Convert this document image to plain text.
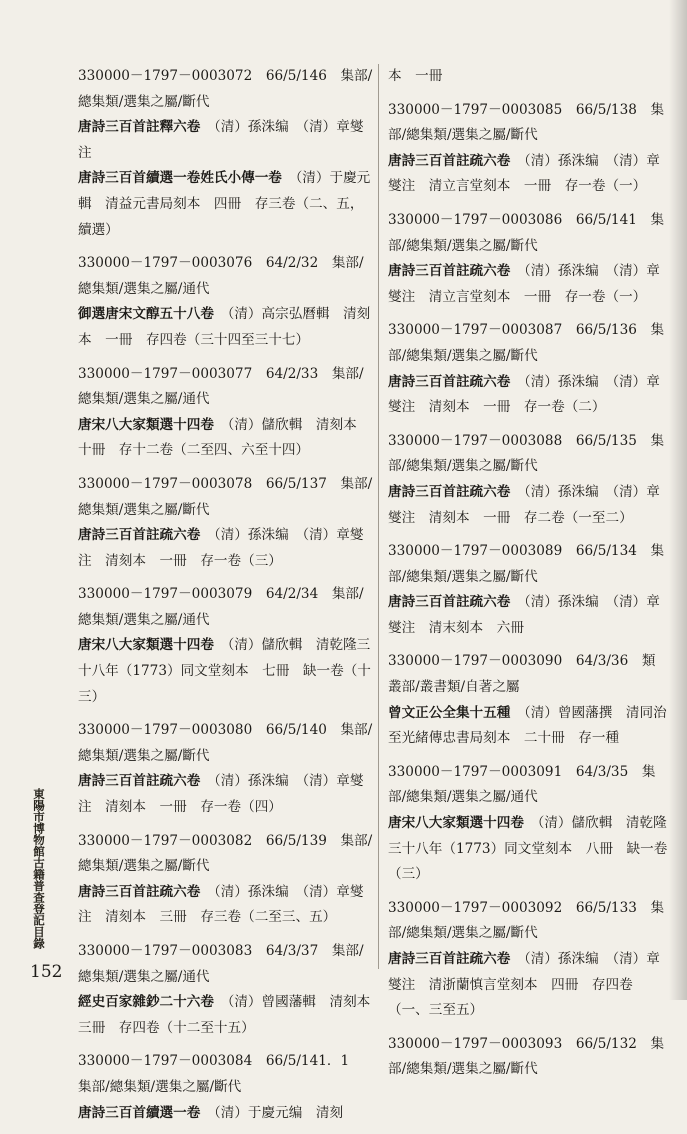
330000－1797－0003072　 66/5/146　 集部/總集類/選集之屬/斷代
唐詩三百首註釋六卷　 （清）孫洙编　（清）章燮注
唐詩三百首續選一卷姓氏小傳一卷　 （清）于慶元輯　清益元書局刻本　四冊　存三卷（二、五，續選）
330000－1797－0003076　 64/2/32　 集部/總集類/選集之屬/通代
御選唐宋文醇五十八卷　 （清）高宗弘曆輯　清刻本　一冊　存四卷（三十四至三十七）
330000－1797－0003077　 64/2/33　 集部/總集類/選集之屬/通代
唐宋八大家類選十四卷　 （清）儲欣輯　清刻本　十冊　存十二卷（二至四、六至十四）
330000－1797－0003078　 66/5/137　 集部/總集類/選集之屬/斷代
唐詩三百首註疏六卷　 （清）孫洙编　（清）章燮注　清刻本　一冊　存一卷（三）
330000－1797－0003079　 64/2/34　 集部/總集類/選集之屬/通代
唐宋八大家類選十四卷　 （清）儲欣輯　清乾隆三十八年（1773）同文堂刻本　七冊　缺一卷（十三）
330000－1797－0003080　 66/5/140　 集部/總集類/選集之屬/斷代
唐詩三百首註疏六卷　 （清）孫洙编　（清）章燮注　清刻本　一冊　存一卷（四）
330000－1797－0003082　 66/5/139　 集部/總集類/選集之屬/斷代
唐詩三百首註疏六卷　 （清）孫洙编　（清）章燮注　清刻本　三冊　存三卷（二至三、五）
330000－1797－0003083　 64/3/37　 集部/總集類/選集之屬/通代
經史百家雜鈔二十六卷　 （清）曾國藩輯　清刻本　三冊　存四卷（十二至十五）
330000－1797－0003084　 66/5/141．1　集部/總集類/選集之屬/斷代
唐詩三百首續選一卷　 （清）于慶元编　清刻
本　一冊
330000－1797－0003085　 66/5/138　 集部/總集類/選集之屬/斷代
唐詩三百首註疏六卷　 （清）孫洙编　（清）章燮注　清立言堂刻本　一冊　存一卷（一）
330000－1797－0003086　 66/5/141　 集部/總集類/選集之屬/斷代
唐詩三百首註疏六卷　 （清）孫洙编　（清）章燮注　清立言堂刻本　一冊　存一卷（一）
330000－1797－0003087　 66/5/136　 集部/總集類/選集之屬/斷代
唐詩三百首註疏六卷　 （清）孫洙编　（清）章燮注　清刻本　一冊　存一卷（二）
330000－1797－0003088　 66/5/135　 集部/總集類/選集之屬/斷代
唐詩三百首註疏六卷　 （清）孫洙编　（清）章燮注　清刻本　一冊　存二卷（一至二）
330000－1797－0003089　 66/5/134　 集部/總集類/選集之屬/斷代
唐詩三百首註疏六卷　 （清）孫洙编　（清）章燮注　清末刻本　六冊
330000－1797－0003090　 64/3/36　 類叢部/叢書類/自著之屬
曾文正公全集十五種　 （清）曾國藩撰　清同治至光緒傳忠書局刻本　二十冊　存一種
330000－1797－0003091　 64/3/35　 集部/總集類/選集之屬/通代
唐宋八大家類選十四卷　 （清）儲欣輯　清乾隆三十八年（1773）同文堂刻本　八冊　缺一卷（三）
330000－1797－0003092　 66/5/133　 集部/總集類/選集之屬/斷代
唐詩三百首註疏六卷　 （清）孫洙编　（清）章燮注　清浙蘭慎言堂刻本　四冊　存四卷（一、三至五）
330000－1797－0003093　 66/5/132　 集部/總集類/選集之屬/斷代
東陽市博物館古籍普查登記目錄
152
